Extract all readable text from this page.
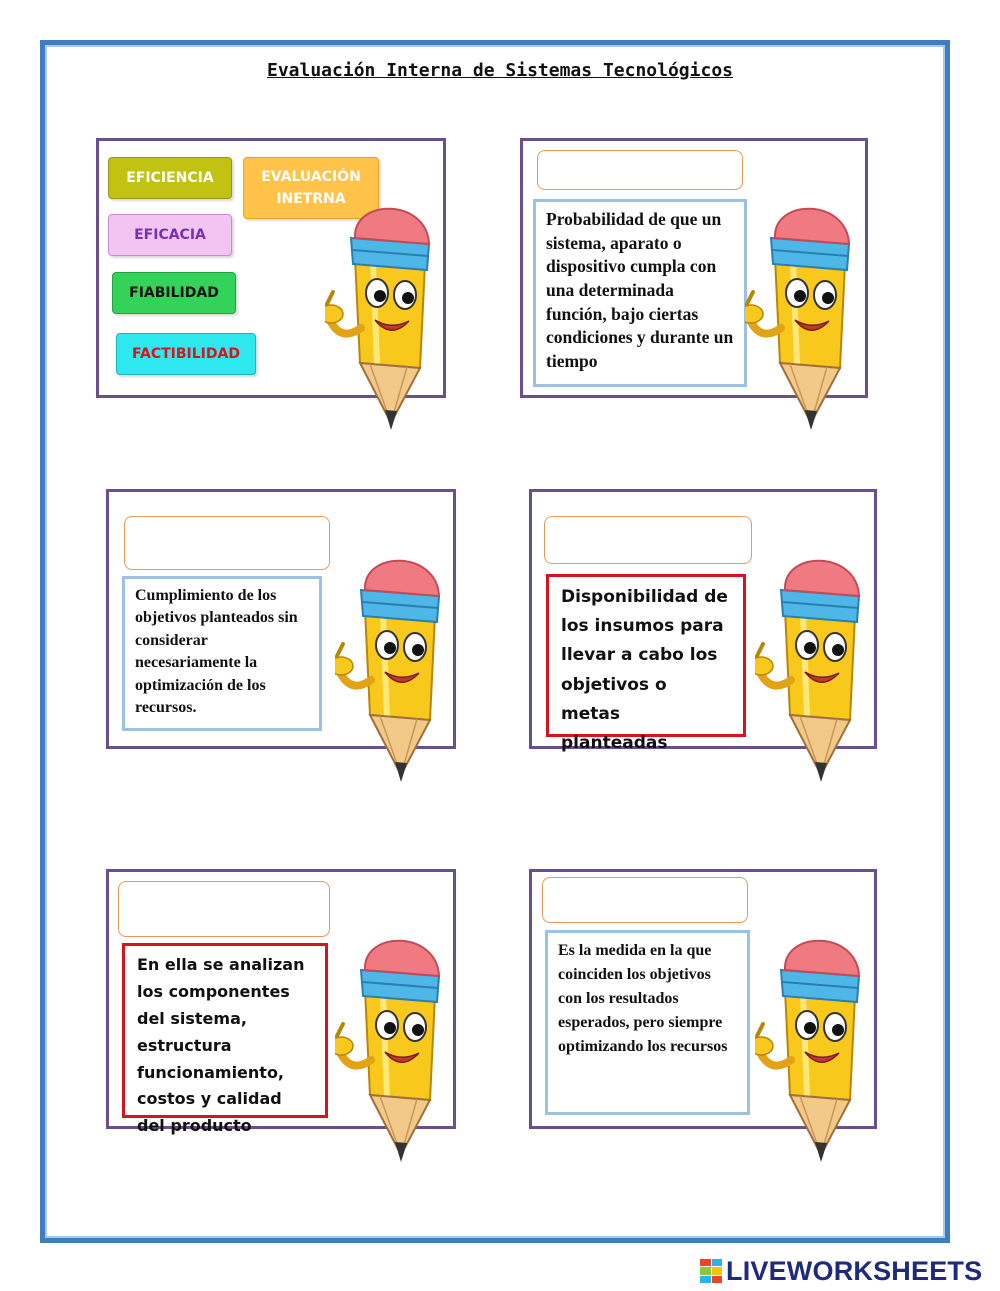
Evaluación Interna de Sistemas Tecnológicos
EFICIENCIA	EVALUACIÓN INETRNA
EFICACIA
FIABILIDAD
FACTIBILIDAD
Probabilidad de que un sistema, aparato o dispositivo cumpla con una determinada función, bajo ciertas condiciones y durante un tiempo
Cumplimiento de los objetivos planteados sin considerar necesariamente la optimización de los recursos.
Disponibilidad de los insumos para llevar a cabo los objetivos o metas planteadas
En ella se analizan los componentes del sistema, estructura funcionamiento, costos y calidad del producto
Es la medida en la que coinciden los objetivos con los resultados esperados, pero siempre optimizando los recursos
LIVEWORKSHEETS
